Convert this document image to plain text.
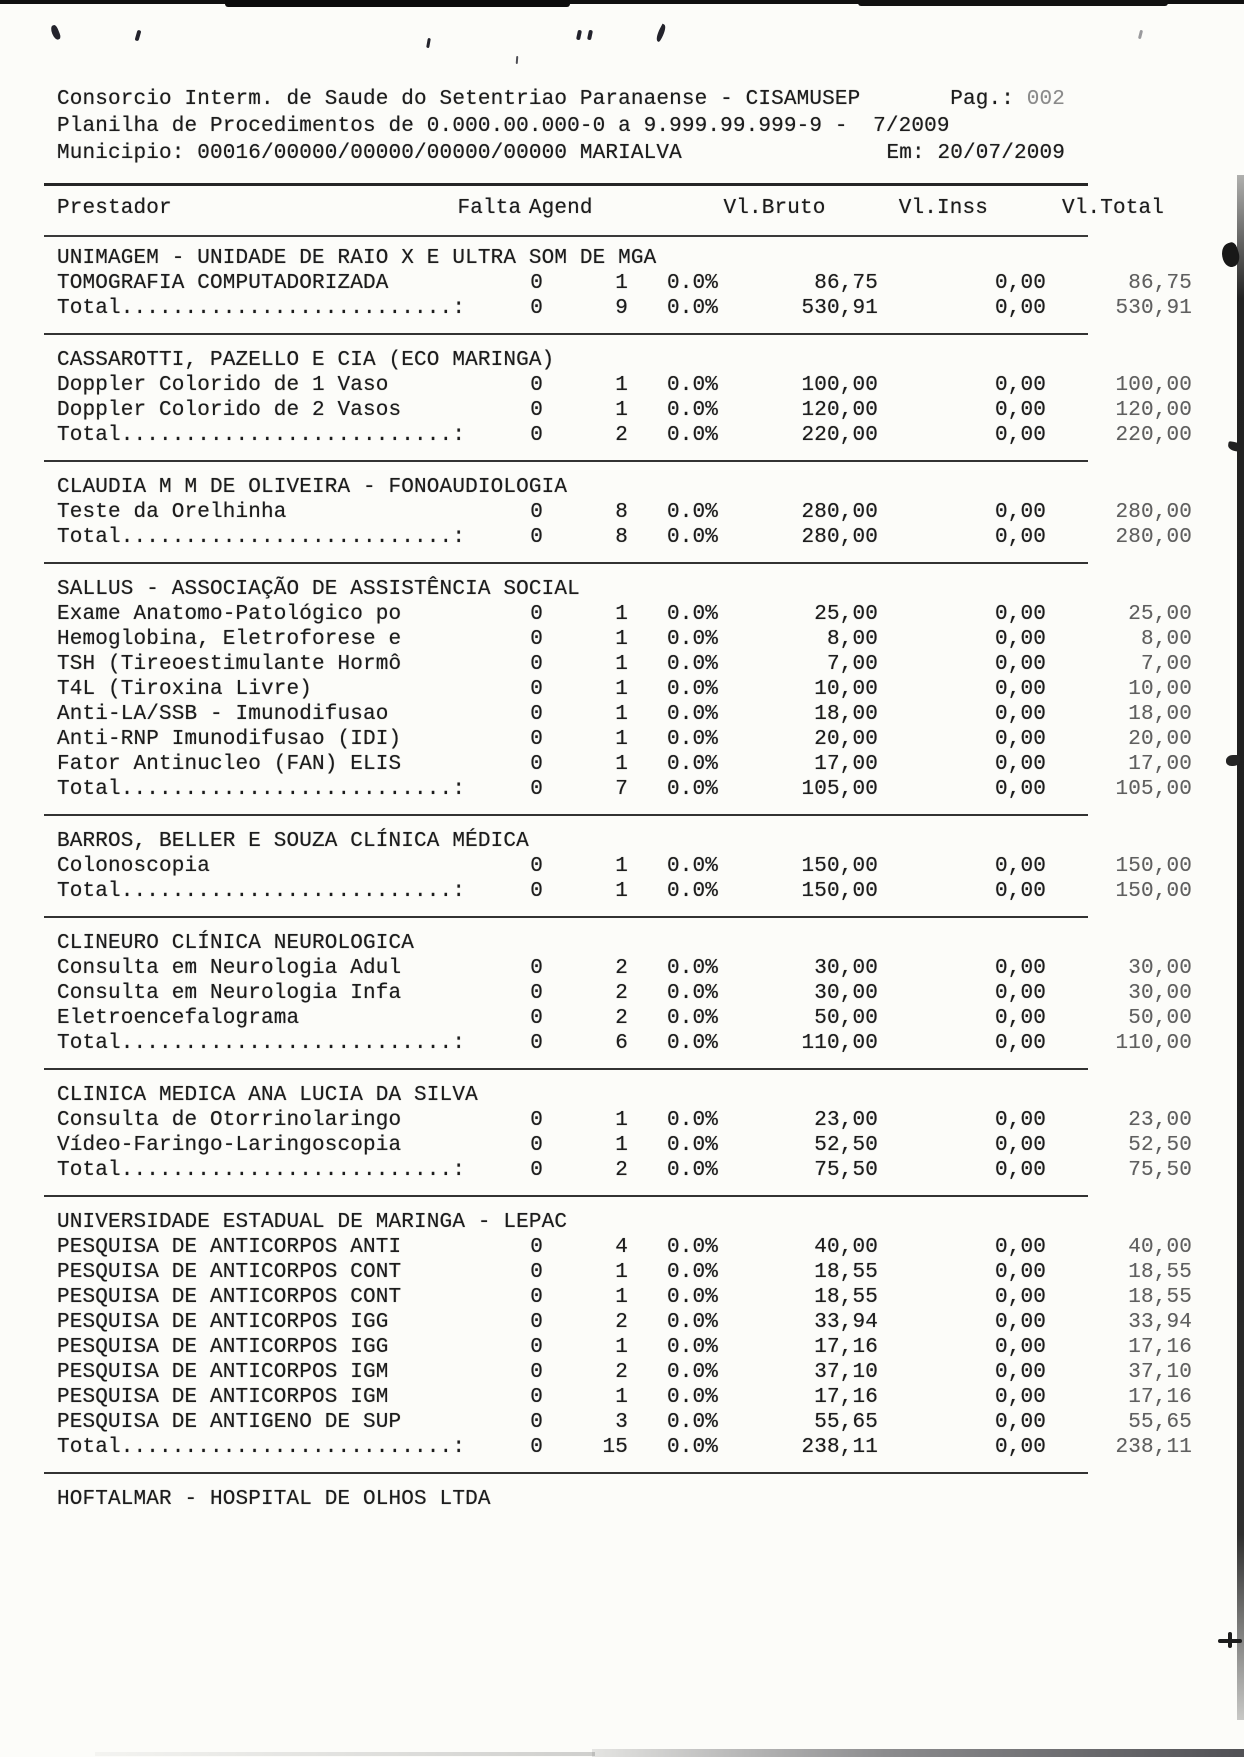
Consorcio Interm. de Saude do Setentriao Paranaense - CISAMUSEP	Pag.: 002
Planilha de Procedimentos de 0.000.00.000-0 a 9.999.99.999-9 -  7/2009
Municipio: 00016/00000/00000/00000/00000 MARIALVA	Em: 20/07/2009
Prestador	Falta Agend	Vl.Bruto	Vl.Inss	Vl.Total
UNIMAGEM - UNIDADE DE RAIO X E ULTRA SOM DE MGA
TOMOGRAFIA COMPUTADORIZADA	0	1	0.0%	86,75	0,00	86,75
Total..........................:	0	9	0.0%	530,91	0,00	530,91
CASSAROTTI, PAZELLO E CIA (ECO MARINGA)
Doppler Colorido de 1 Vaso	0	1	0.0%	100,00	0,00	100,00
Doppler Colorido de 2 Vasos	0	1	0.0%	120,00	0,00	120,00
Total..........................:	0	2	0.0%	220,00	0,00	220,00
CLAUDIA M M DE OLIVEIRA - FONOAUDIOLOGIA
Teste da Orelhinha	0	8	0.0%	280,00	0,00	280,00
Total..........................:	0	8	0.0%	280,00	0,00	280,00
SALLUS - ASSOCIAÇÃO DE ASSISTÊNCIA SOCIAL
Exame Anatomo-Patológico po	0	1	0.0%	25,00	0,00	25,00
Hemoglobina, Eletroforese e	0	1	0.0%	8,00	0,00	8,00
TSH (Tireoestimulante Hormô	0	1	0.0%	7,00	0,00	7,00
T4L (Tiroxina Livre)	0	1	0.0%	10,00	0,00	10,00
Anti-LA/SSB - Imunodifusao	0	1	0.0%	18,00	0,00	18,00
Anti-RNP Imunodifusao (IDI)	0	1	0.0%	20,00	0,00	20,00
Fator Antinucleo (FAN) ELIS	0	1	0.0%	17,00	0,00	17,00
Total..........................:	0	7	0.0%	105,00	0,00	105,00
BARROS, BELLER E SOUZA CLÍNICA MÉDICA
Colonoscopia	0	1	0.0%	150,00	0,00	150,00
Total..........................:	0	1	0.0%	150,00	0,00	150,00
CLINEURO CLÍNICA NEUROLOGICA
Consulta em Neurologia Adul	0	2	0.0%	30,00	0,00	30,00
Consulta em Neurologia Infa	0	2	0.0%	30,00	0,00	30,00
Eletroencefalograma	0	2	0.0%	50,00	0,00	50,00
Total..........................:	0	6	0.0%	110,00	0,00	110,00
CLINICA MEDICA ANA LUCIA DA SILVA
Consulta de Otorrinolaringo	0	1	0.0%	23,00	0,00	23,00
Vídeo-Faringo-Laringoscopia	0	1	0.0%	52,50	0,00	52,50
Total..........................:	0	2	0.0%	75,50	0,00	75,50
UNIVERSIDADE ESTADUAL DE MARINGA - LEPAC
PESQUISA DE ANTICORPOS ANTI	0	4	0.0%	40,00	0,00	40,00
PESQUISA DE ANTICORPOS CONT	0	1	0.0%	18,55	0,00	18,55
PESQUISA DE ANTICORPOS CONT	0	1	0.0%	18,55	0,00	18,55
PESQUISA DE ANTICORPOS IGG	0	2	0.0%	33,94	0,00	33,94
PESQUISA DE ANTICORPOS IGG	0	1	0.0%	17,16	0,00	17,16
PESQUISA DE ANTICORPOS IGM	0	2	0.0%	37,10	0,00	37,10
PESQUISA DE ANTICORPOS IGM	0	1	0.0%	17,16	0,00	17,16
PESQUISA DE ANTIGENO DE SUP	0	3	0.0%	55,65	0,00	55,65
Total..........................:	0	15	0.0%	238,11	0,00	238,11
HOFTALMAR - HOSPITAL DE OLHOS LTDA
